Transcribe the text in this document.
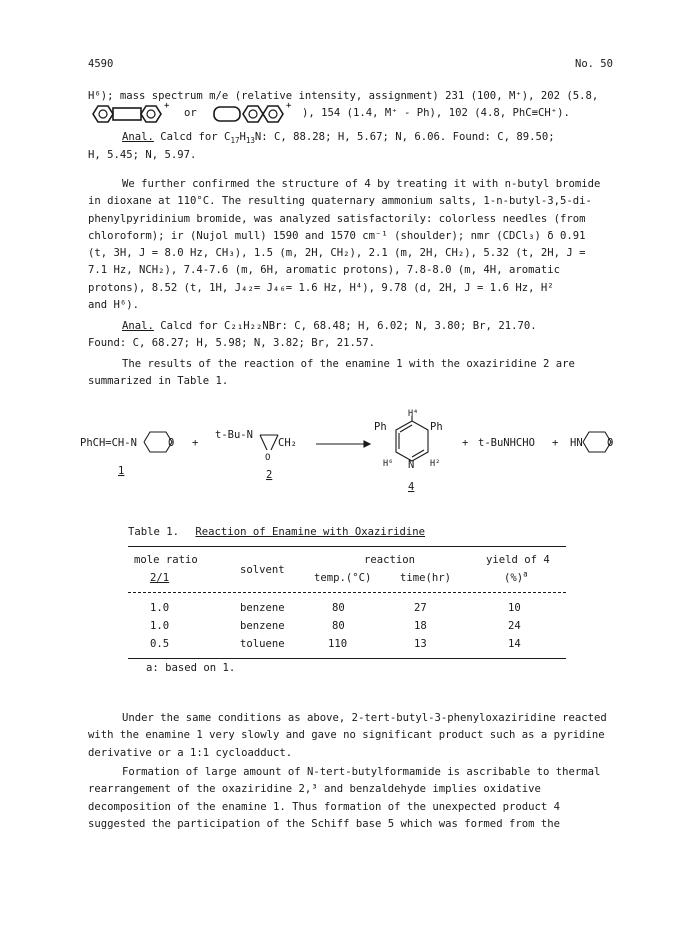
4590	No. 50

H⁶); mass spectrum m/e (relative intensity, assignment) 231 (100, M⁺), 202 (5.8,

+
or
+
), 154 (1.4, M⁺ - Ph), 102 (4.8, PhC≡CH⁺).

Anal. Calcd for $C_{17}H_{13}N$: C, 88.28; H, 5.67; N, 6.06. Found: C, 89.50;

H, 5.45; N, 5.97.

We further confirmed the structure of 4 by treating it with n-butyl bromide

in dioxane at 110°C. The resulting quaternary ammonium salts, 1-n-butyl-3,5-di-

phenylpyridinium bromide, was analyzed satisfactorily: colorless needles (from

chloroform); ir (Nujol mull) 1590 and 1570 cm⁻¹ (shoulder); nmr (CDCl₃) δ 0.91

(t, 3H, J = 8.0 Hz, CH₃), 1.5 (m, 2H, CH₂), 2.1 (m, 2H, CH₂), 5.32 (t, 2H, J =

7.1 Hz, NCH₂), 7.4-7.6 (m, 6H, aromatic protons), 7.8-8.0 (m, 4H, aromatic

protons), 8.52 (t, 1H, J₄₂= J₄₆= 1.6 Hz, H⁴), 9.78 (d, 2H, J = 1.6 Hz, H²

and H⁶).

Anal. Calcd for C₂₁H₂₂NBr: C, 68.48; H, 6.02; N, 3.80; Br, 21.70.

Found: C, 68.27; H, 5.98; N, 3.82; Br, 21.57.

The results of the reaction of the enamine 1 with the oxaziridine 2 are

summarized in Table 1.

PhCH=CH-N	O
1
+
t-Bu-N
CH₂
O
2
H⁴
Ph	Ph
H⁶ N H²
4
+ t-BuNHCHO + HN O
Table 1. Reaction of Enamine with Oxaziridine
mole ratio
2/1
solvent
reaction
temp.(°C)	time(hr)
yield of 4
(%)$^a$
1.0	benzene	80	27	10
1.0	benzene	80	18	24
0.5	toluene	110	13	14
a: based on 1.

Under the same conditions as above, 2-tert-butyl-3-phenyloxaziridine reacted

with the enamine 1 very slowly and gave no significant product such as a pyridine

derivative or a 1:1 cycloadduct.

Formation of large amount of N-tert-butylformamide is ascribable to thermal

rearrangement of the oxaziridine 2,³ and benzaldehyde implies oxidative

decomposition of the enamine 1. Thus formation of the unexpected product 4

suggested the participation of the Schiff base 5 which was formed from the
